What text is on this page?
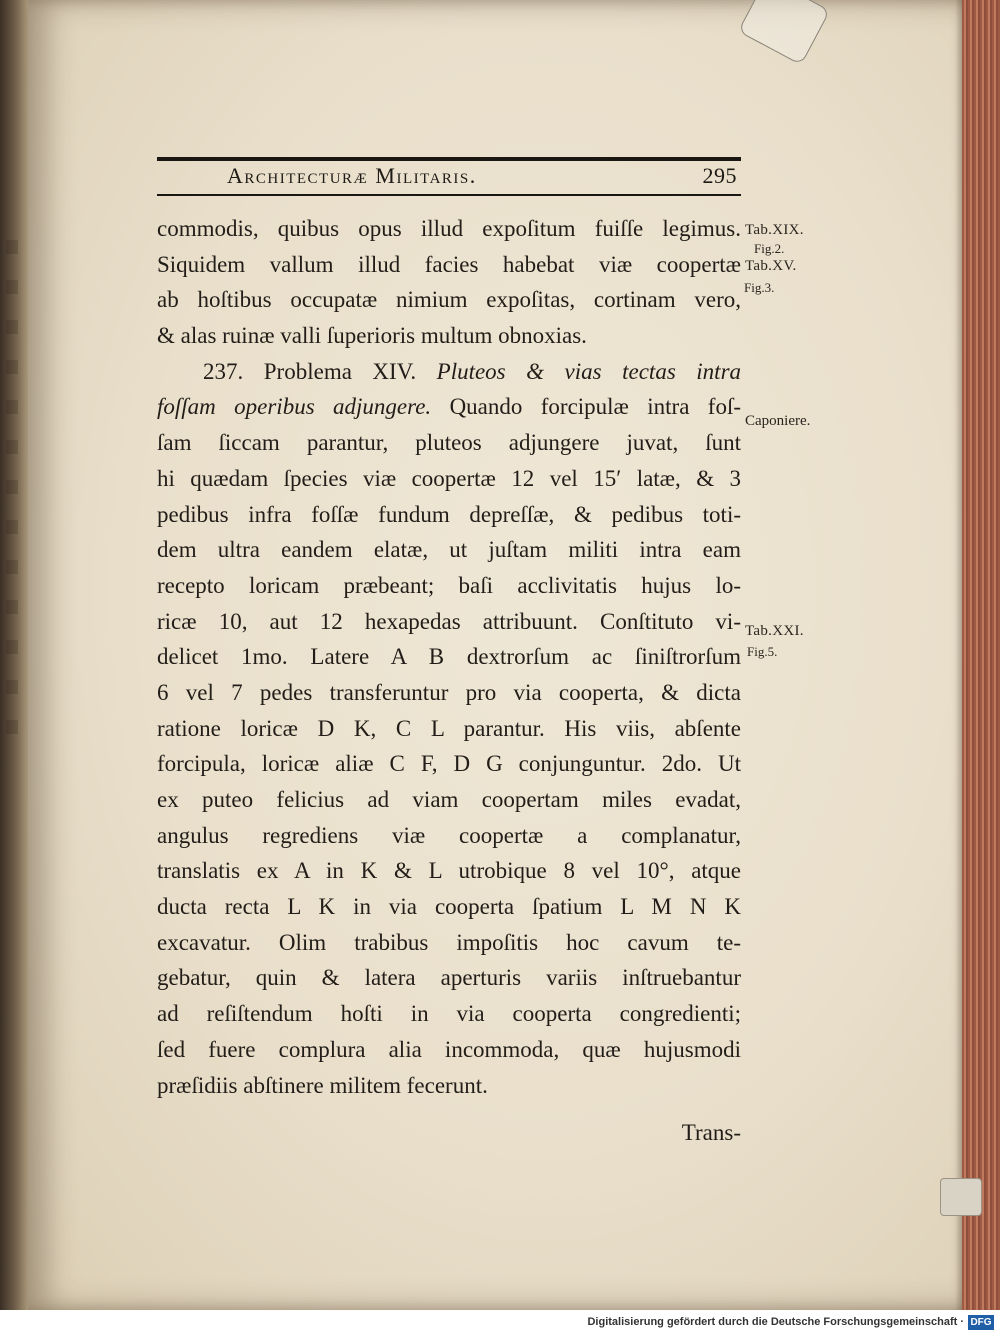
Architecturæ Militaris.	295
commodis, quibus opus illud expoſitum fuiſſe legimus.
Siquidem vallum illud facies habebat viæ coopertæ
ab hoſtibus occupatæ nimium expoſitas, cortinam vero,
& alas ruinæ valli ſuperioris multum obnoxias.
237. Problema XIV. Pluteos & vias tectas intra
foſſam operibus adjungere. Quando forcipulæ intra foſ-
ſam ſiccam parantur, pluteos adjungere juvat, ſunt
hi quædam ſpecies viæ coopertæ 12 vel 15ʹ latæ, & 3
pedibus infra foſſæ fundum depreſſæ, & pedibus toti-
dem ultra eandem elatæ, ut juſtam militi intra eam
recepto loricam præbeant; baſi acclivitatis hujus lo-
ricæ 10, aut 12 hexapedas attribuunt. Conſtituto vi-
delicet 1mo. Latere A B dextrorſum ac ſiniſtrorſum
6 vel 7 pedes transferuntur pro via cooperta, & dicta
ratione loricæ D K, C L parantur. His viis, abſente
forcipula, loricæ aliæ C F, D G conjunguntur. 2do. Ut
ex puteo felicius ad viam coopertam miles evadat,
angulus regrediens viæ coopertæ a complanatur,
translatis ex A in K & L utrobique 8 vel 10°, atque
ducta recta L K in via cooperta ſpatium L M N K
excavatur. Olim trabibus impoſitis hoc cavum te-
gebatur, quin & latera aperturis variis inſtruebantur
ad reſiſtendum hoſti in via cooperta congredienti;
ſed fuere complura alia incommoda, quæ hujusmodi
præſidiis abſtinere militem fecerunt.
Trans-
Tab.XIX.
Fig.2.
Tab.XV.
Fig.3.
Caponiere.
Tab.XXI.
Fig.5.
Digitalisierung gefördert durch die Deutsche Forschungsgemeinschaft · DFG
